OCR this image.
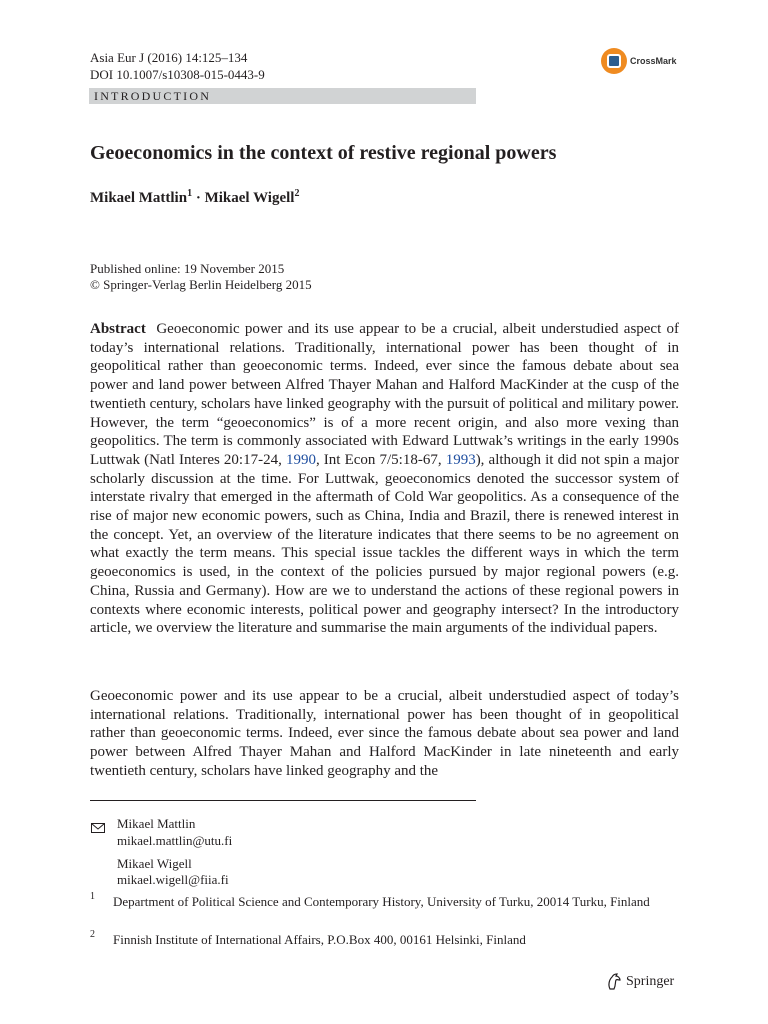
Asia Eur J (2016) 14:125–134
DOI 10.1007/s10308-015-0443-9
CrossMark
INTRODUCTION
Geoeconomics in the context of restive regional powers
Mikael Mattlin$^1$ · Mikael Wigell$^2$
Published online: 19 November 2015
© Springer-Verlag Berlin Heidelberg 2015
Abstract Geoeconomic power and its use appear to be a crucial, albeit understudied aspect of today’s international relations. Traditionally, international power has been thought of in geopolitical rather than geoeconomic terms. Indeed, ever since the famous debate about sea power and land power between Alfred Thayer Mahan and Halford MacKinder at the cusp of the twentieth century, scholars have linked geography with the pursuit of political and military power. However, the term “geoeconomics” is of a more recent origin, and also more vexing than geopolitics. The term is commonly associated with Edward Luttwak’s writings in the early 1990s Luttwak (Natl Interes 20:17-24, 1990, Int Econ 7/5:18-67, 1993), although it did not spin a major scholarly discussion at the time. For Luttwak, geoeconomics denoted the successor system of interstate rivalry that emerged in the aftermath of Cold War geopolitics. As a consequence of the rise of major new economic powers, such as China, India and Brazil, there is renewed interest in the concept. Yet, an overview of the literature indicates that there seems to be no agreement on what exactly the term means. This special issue tackles the different ways in which the term geoeconomics is used, in the context of the policies pursued by major regional powers (e.g. China, Russia and Germany). How are we to understand the actions of these regional powers in contexts where economic interests, political power and geography intersect? In the introductory article, we overview the literature and summarise the main arguments of the individual papers.
Geoeconomic power and its use appear to be a crucial, albeit understudied aspect of today’s international relations. Traditionally, international power has been thought of in geopolitical rather than geoeconomic terms. Indeed, ever since the famous debate about sea power and land power between Alfred Thayer Mahan and Halford MacKinder in late nineteenth and early twentieth century, scholars have linked geography and the
Mikael Mattlin
mikael.mattlin@utu.fi
Mikael Wigell
mikael.wigell@fiia.fi
1 Department of Political Science and Contemporary History, University of Turku, 20014 Turku, Finland
2 Finnish Institute of International Affairs, P.O.Box 400, 00161 Helsinki, Finland
Springer
